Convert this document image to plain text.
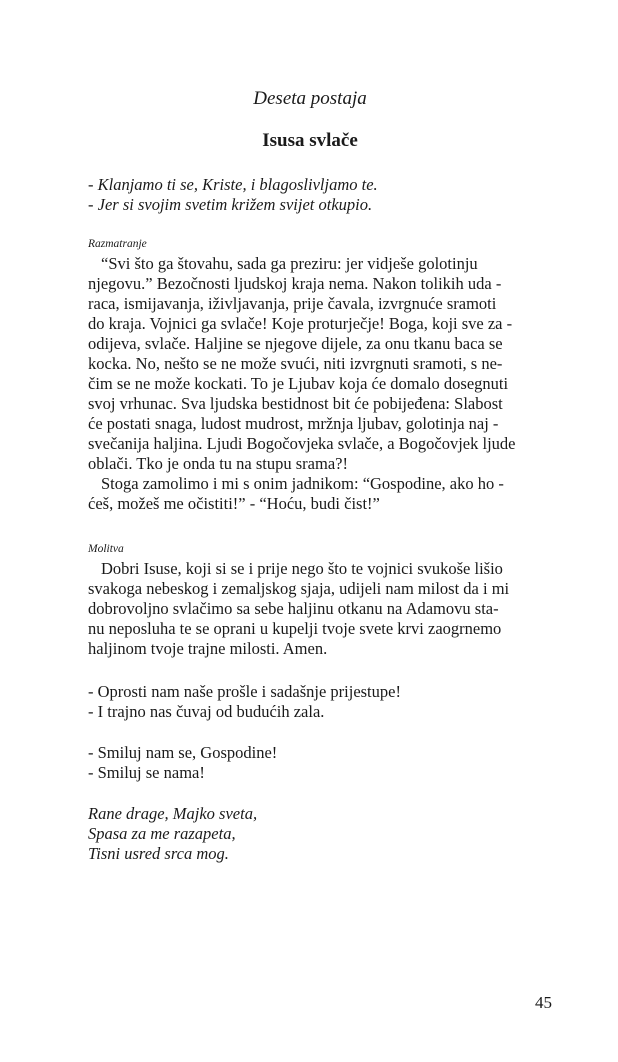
Deseta postaja
Isusa svlače
- Klanjamo ti se, Kriste, i blagoslivljamo te.
- Jer si svojim svetim križem svijet otkupio.
Razmatranje
“Svi što ga štovahu, sada ga preziru: jer vidješe golotinju
njegovu.” Bezočnosti ljudskoj kraja nema. Nakon tolikih uda -
raca, ismijavanja, iživljavanja, prije čavala, izvrgnuće sramoti
do kraja. Vojnici ga svlače! Koje proturječje! Boga, koji sve za -
odijeva, svlače. Haljine se njegove dijele, za onu tkanu baca se
kocka. No, nešto se ne može svući, niti izvrgnuti sramoti, s ne-
čim se ne može kockati. To je Ljubav koja će domalo dosegnuti
svoj vrhunac. Sva ljudska bestidnost bit će pobijeđena: Slabost
će postati snaga, ludost mudrost, mržnja ljubav, golotinja naj -
svečanija haljina. Ljudi Bogočovjeka svlače, a Bogočovjek ljude
oblači. Tko je onda tu na stupu srama?!
Stoga zamolimo i mi s onim jadnikom: “Gospodine, ako ho -
ćeš, možeš me očistiti!” - “Hoću, budi čist!”
Molitva
Dobri Isuse, koji si se i prije nego što te vojnici svukoše lišio
svakoga nebeskog i zemaljskog sjaja, udijeli nam milost da i mi
dobrovoljno svlačimo sa sebe haljinu otkanu na Adamovu sta-
nu neposluha te se oprani u kupelji tvoje svete krvi zaogrnemo
haljinom tvoje trajne milosti. Amen.
- Oprosti nam naše prošle i sadašnje prijestupe!
- I trajno nas čuvaj od budućih zala.
- Smiluj nam se, Gospodine!
- Smiluj se nama!
Rane drage, Majko sveta,
Spasa za me razapeta,
Tisni usred srca mog.
45
